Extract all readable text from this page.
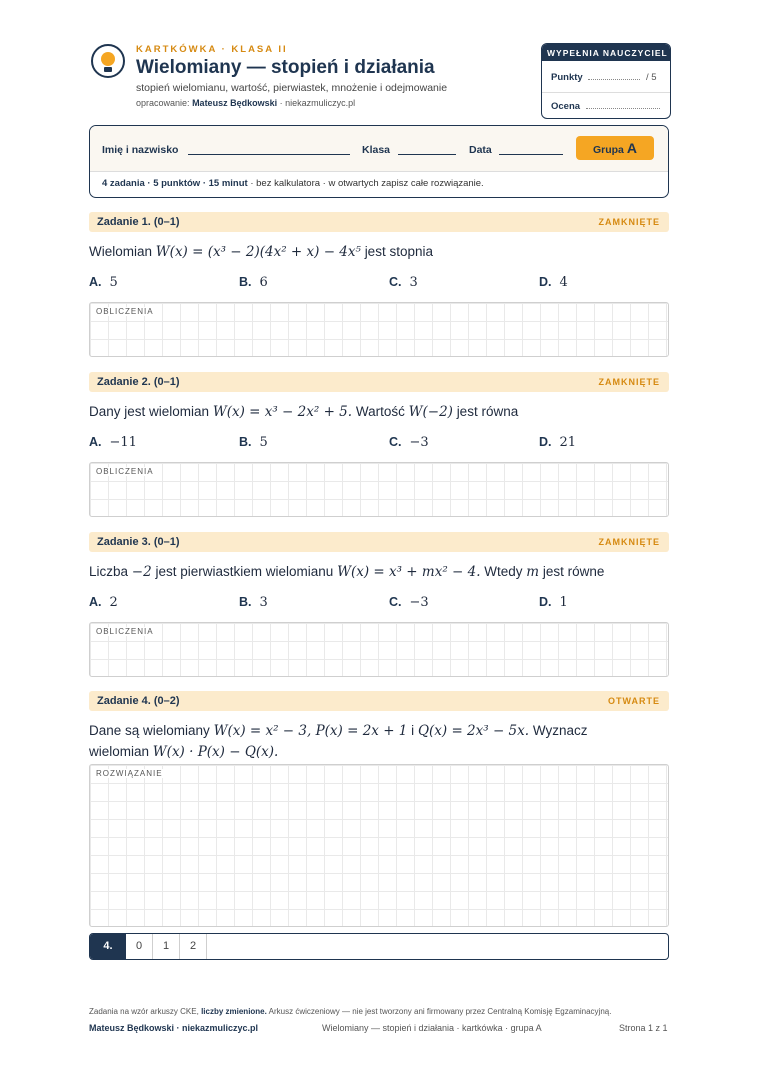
KARTKÓWKA · KLASA II
Wielomiany — stopień i działania
stopień wielomianu, wartość, pierwiastek, mnożenie i odejmowanie
opracowanie: Mateusz Będkowski · niekazmuliczyc.pl
WYPEŁNIA NAUCZYCIEL
Punkty	/ 5
Ocena
Imię i nazwisko	Klasa	Data	Grupa A
4 zadania · 5 punktów · 15 minut · bez kalkulatora · w otwartych zapisz całe rozwiązanie.
Zadanie 1. (0–1)	ZAMKNIĘTE
Wielomian W(x) = (x³ − 2)(4x² + x) − 4x⁵ jest stopnia
A. 5	B. 6	C. 3	D. 4
OBLICZENIA
Zadanie 2. (0–1)	ZAMKNIĘTE
Dany jest wielomian W(x) = x³ − 2x² + 5. Wartość W(−2) jest równa
A. −11	B. 5	C. −3	D. 21
OBLICZENIA
Zadanie 3. (0–1)	ZAMKNIĘTE
Liczba −2 jest pierwiastkiem wielomianu W(x) = x³ + mx² − 4. Wtedy m jest równe
A. 2	B. 3	C. −3	D. 1
OBLICZENIA
Zadanie 4. (0–2)	OTWARTE
Dane są wielomiany W(x) = x² − 3, P(x) = 2x + 1 i Q(x) = 2x³ − 5x. Wyznacz
wielomian W(x) · P(x) − Q(x).
ROZWIĄZANIE
4.	0	1	2
Zadania na wzór arkuszy CKE, liczby zmienione. Arkusz ćwiczeniowy — nie jest tworzony ani firmowany przez Centralną Komisję Egzaminacyjną.
Mateusz Będkowski · niekazmuliczyc.pl	Wielomiany — stopień i działania · kartkówka · grupa A	Strona 1 z 1
